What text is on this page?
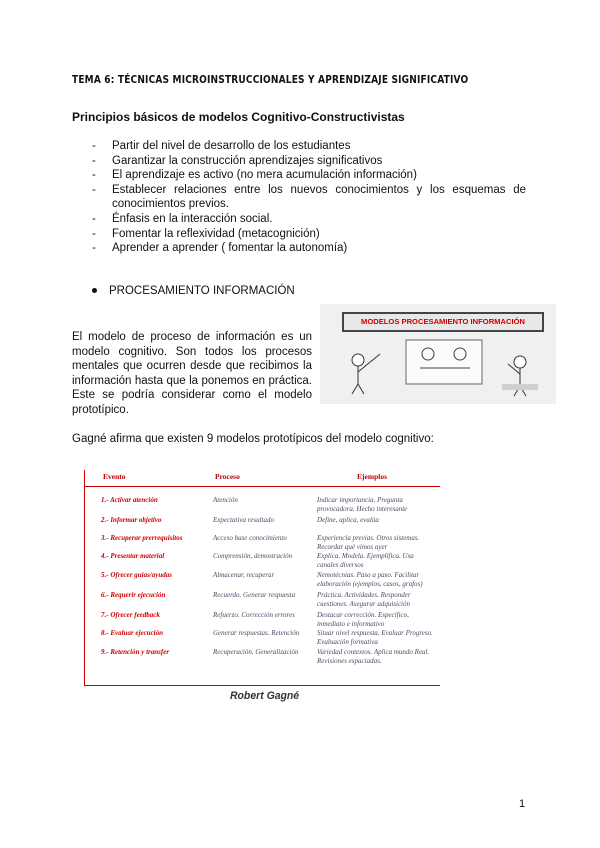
TEMA 6: TÉCNICAS MICROINSTRUCCIONALES Y APRENDIZAJE SIGNIFICATIVO
Principios básicos de modelos Cognitivo-Constructivistas
- Partir del nivel de desarrollo de los estudiantes
- Garantizar la construcción aprendizajes significativos
- El aprendizaje es activo (no mera acumulación información)
- Establecer relaciones entre los nuevos conocimientos y los esquemas de conocimientos previos.
- Énfasis en la interacción social.
- Fomentar la reflexividad (metacognición)
- Aprender a aprender ( fomentar la autonomía)
PROCESAMIENTO INFORMACIÓN
El modelo de proceso de información es un modelo cognitivo. Son todos los procesos mentales que ocurren desde que recibimos la información hasta que la ponemos en práctica. Este se podría considerar como el modelo prototípico.
MODELOS PROCESAMIENTO INFORMACIÓN
Gagné afirma que existen 9 modelos prototípicos del modelo cognitivo:
Evento	Proceso	Ejemplos
1.- Activar atención	Atención	Indicar importancia. Pregunta provocadora. Hecho interesante
2.- Informar objetivo	Expectativa resultado	Define, aplica, evalúa
3.- Recuperar prerrequisitos	Acceso base conocimiento	Experiencia previas. Otros sistemas. Recordar qué vimos ayer
4.- Presentar material	Comprensión, demostración	Explica. Modela. Ejemplifica. Usa canales diversos
5.- Ofrecer guías/ayudas	Almacenar, recuperar	Nemotécnias. Paso a paso. Facilitar elaboración (ejemplos, casos, grafos)
6.- Requerir ejecución	Recuerdo. Generar respuesta	Práctica. Actividades. Responder cuestiones. Asegurar adquisición
7.- Ofrecer feedback	Refuerzo. Corrección errores	Destacar corrección. Específico, inmediato e informativo
8.- Evaluar ejecución	Generar respuestas. Retención	Situar nivel respuesta. Evaluar Progreso. Evaluación formativa
9.- Retención y transfer	Recuperación. Generalización	Variedad contextos. Aplica mundo Real. Revisiones espaciadas.
Robert Gagné
1
